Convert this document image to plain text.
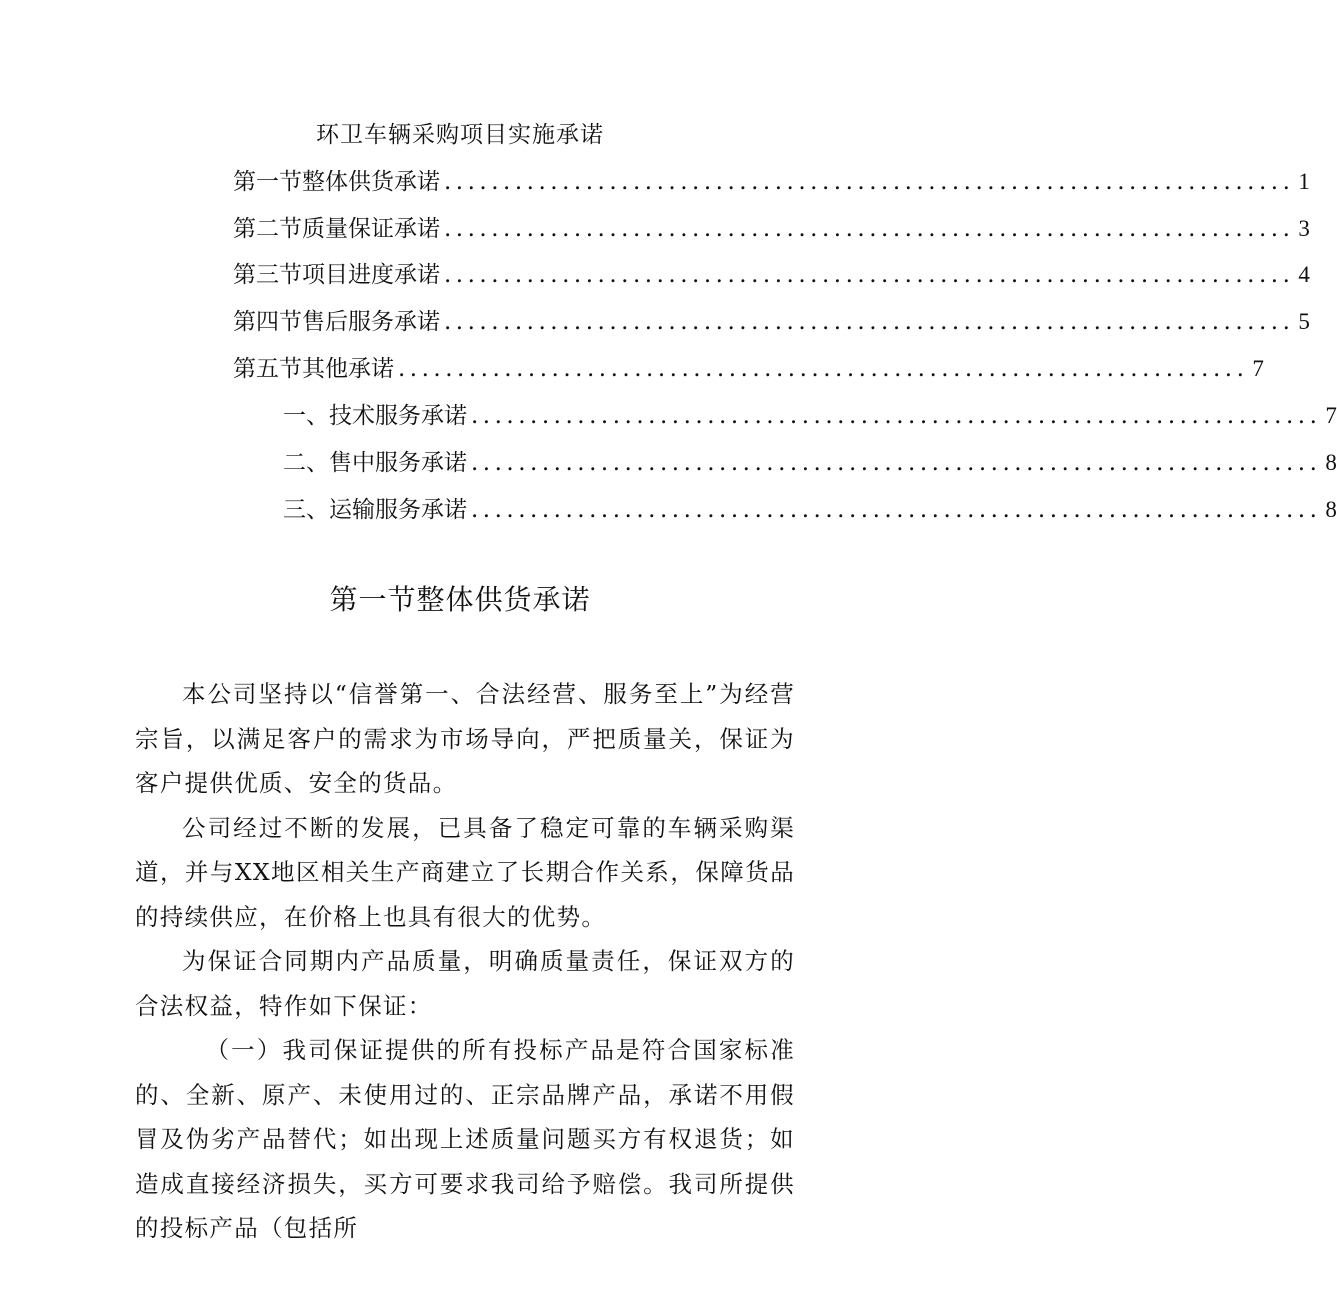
环卫车辆采购项目实施承诺
第一节整体供货承诺 ........................................................................ 1
第二节质量保证承诺 ........................................................................ 3
第三节项目进度承诺 ........................................................................ 4
第四节售后服务承诺 ........................................................................ 5
第五节其他承诺 ........................................................................ 7
一、技术服务承诺 ........................................................................ 7
二、售中服务承诺 ........................................................................ 8
三、运输服务承诺 ........................................................................ 8
第一节整体供货承诺

本公司坚持以“信誉第一、合法经营、服务至上”为经营宗旨，以满足客户的需求为市场导向，严把质量关，保证为客户提供优质、安全的货品。

公司经过不断的发展，已具备了稳定可靠的车辆采购渠道，并与XX地区相关生产商建立了长期合作关系，保障货品的持续供应，在价格上也具有很大的优势。

为保证合同期内产品质量，明确质量责任，保证双方的合法权益，特作如下保证：

（一）我司保证提供的所有投标产品是符合国家标准的、全新、原产、未使用过的、正宗品牌产品，承诺不用假冒及伪劣产品替代；如出现上述质量问题买方有权退货；如造成直接经济损失，买方可要求我司给予赔偿。我司所提供的投标产品（包括所
